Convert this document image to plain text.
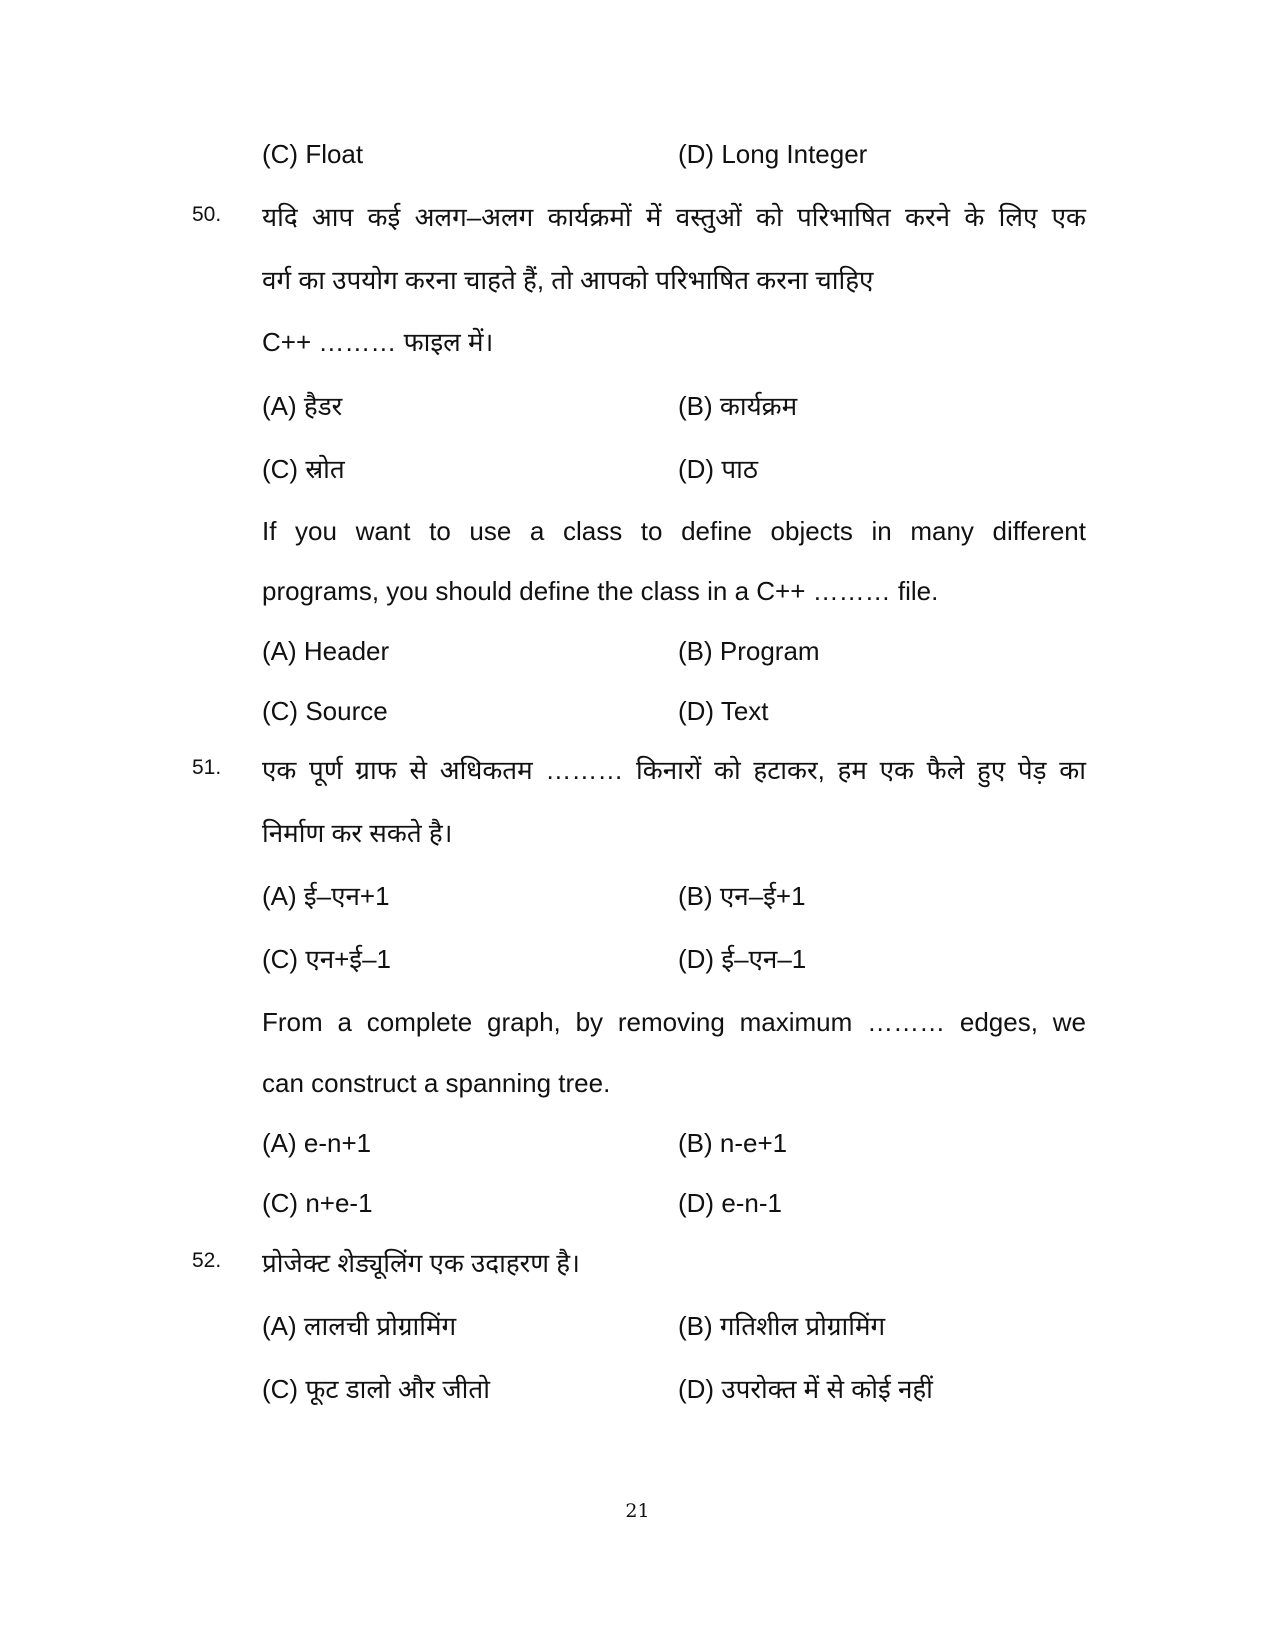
(C) Float	(D) Long Integer
50. यदि आप कई अलग–अलग कार्यक्रमों में वस्तुओं को परिभाषित करने के लिए एक
वर्ग का उपयोग करना चाहते हैं, तो आपको परिभाषित करना चाहिए
C++ ……… फाइल में।
(A) हैडर	(B) कार्यक्रम
(C) स्रोत	(D) पाठ
If you want to use a class to define objects in many different
programs, you should define the class in a C++ ……… file.
(A) Header	(B) Program
(C) Source	(D) Text
51. एक पूर्ण ग्राफ से अधिकतम ……… किनारों को हटाकर, हम एक फैले हुए पेड़ का
निर्माण कर सकते है।
(A) ई–एन+1	(B) एन–ई+1
(C) एन+ई–1	(D) ई–एन–1
From a complete graph, by removing maximum ……… edges, we
can construct a spanning tree.
(A) e-n+1	(B) n-e+1
(C) n+e-1	(D) e-n-1
52. प्रोजेक्ट शेड्यूलिंग एक उदाहरण है।
(A) लालची प्रोग्रामिंग	(B) गतिशील प्रोग्रामिंग
(C) फूट डालो और जीतो	(D) उपरोक्त में से कोई नहीं
21
